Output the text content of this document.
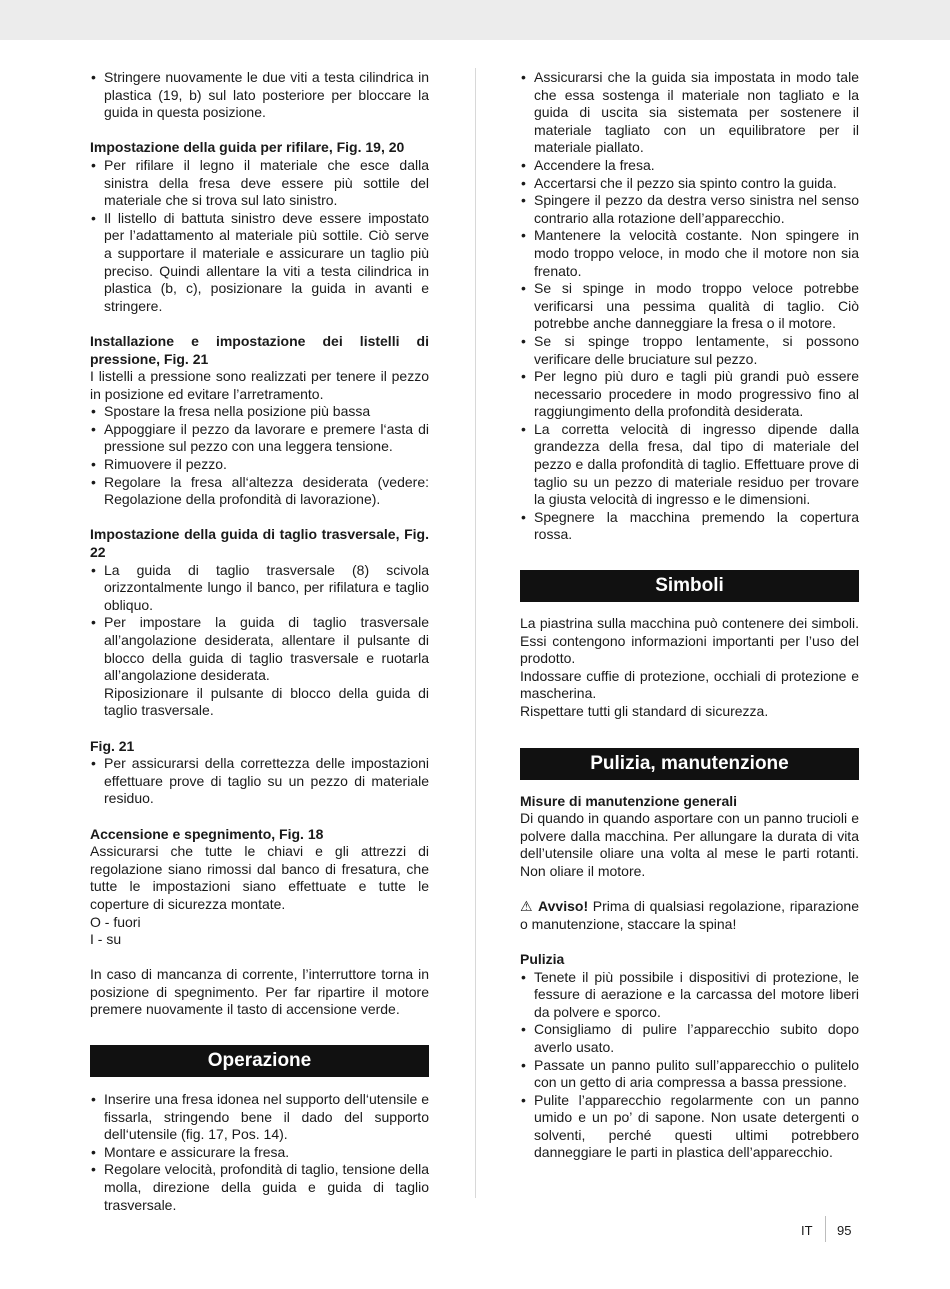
• Stringere nuovamente le due viti a testa cilindrica in plastica (19, b) sul lato posteriore per bloccare la guida in questa posizione.
Impostazione della guida per rifilare, Fig. 19, 20
• Per rifilare il legno il materiale che esce dalla sinistra della fresa deve essere più sottile del materiale che si trova sul lato sinistro.
• Il listello di battuta sinistro deve essere impostato per l’adattamento al materiale più sottile. Ciò serve a supportare il materiale e assicurare un taglio più preciso. Quindi allentare la viti a testa cilindrica in plastica (b, c), posizionare la guida in avanti e stringere.
Installazione e impostazione dei listelli di pressione, Fig. 21

I listelli a pressione sono realizzati per tenere il pezzo in posizione ed evitare l’arretramento.

• Spostare la fresa nella posizione più bassa
• Appoggiare il pezzo da lavorare e premere l‘asta di pressione sul pezzo con una leggera tensione.
• Rimuovere il pezzo.
• Regolare la fresa all‘altezza desiderata (vedere: Regolazione della profondità di lavorazione).
Impostazione della guida di taglio trasversale, Fig. 22
• La guida di taglio trasversale (8) scivola orizzontalmente lungo il banco, per rifilatura e taglio obliquo.
• Per impostare la guida di taglio trasversale all’angolazione desiderata, allentare il pulsante di blocco della guida di taglio trasversale e ruotarla all’angolazione desiderata.
Riposizionare il pulsante di blocco della guida di taglio trasversale.
Fig. 21
• Per assicurarsi della correttezza delle impostazioni effettuare prove di taglio su un pezzo di materiale residuo.
Accensione e spegnimento, Fig. 18

Assicurarsi che tutte le chiavi e gli attrezzi di regolazione siano rimossi dal banco di fresatura, che tutte le impostazioni siano effettuate e tutte le coperture di sicurezza montate.

O - fuori

I - su

In caso di mancanza di corrente, l’interruttore torna in posizione di spegnimento. Per far ripartire il motore premere nuovamente il tasto di accensione verde.

Operazione
• Inserire una fresa idonea nel supporto dell‘utensile e fissarla, stringendo bene il dado del supporto dell‘utensile (fig. 17, Pos. 14).
• Montare e assicurare la fresa.
• Regolare velocità, profondità di taglio, tensione della molla, direzione della guida e guida di taglio trasversale.
• Assicurarsi che la guida sia impostata in modo tale che essa sostenga il materiale non tagliato e la guida di uscita sia sistemata per sostenere il materiale tagliato con un equilibratore per il materiale piallato.
• Accendere la fresa.
• Accertarsi che il pezzo sia spinto contro la guida.
• Spingere il pezzo da destra verso sinistra nel senso contrario alla rotazione dell’apparecchio.
• Mantenere la velocità costante. Non spingere in modo troppo veloce, in modo che il motore non sia frenato.
• Se si spinge in modo troppo veloce potrebbe verificarsi una pessima qualità di taglio. Ciò potrebbe anche danneggiare la fresa o il motore.
• Se si spinge troppo lentamente, si possono verificare delle bruciature sul pezzo.
• Per legno più duro e tagli più grandi può essere necessario procedere in modo progressivo fino al raggiungimento della profondità desiderata.
• La corretta velocità di ingresso dipende dalla grandezza della fresa, dal tipo di materiale del pezzo e dalla profondità di taglio. Effettuare prove di taglio su un pezzo di materiale residuo per trovare la giusta velocità di ingresso e le dimensioni.
• Spegnere la macchina premendo la copertura rossa.
Simboli

La piastrina sulla macchina può contenere dei simboli. Essi contengono informazioni importanti per l’uso del prodotto.

Indossare cuffie di protezione, occhiali di protezione e mascherina.

Rispettare tutti gli standard di sicurezza.

Pulizia, manutenzione
Misure di manutenzione generali

Di quando in quando asportare con un panno trucioli e polvere dalla macchina. Per allungare la durata di vita dell’utensile oliare una volta al mese le parti rotanti. Non oliare il motore.

⚠ Avviso! Prima di qualsiasi regolazione, riparazione o manutenzione, staccare la spina!

Pulizia
• Tenete il più possibile i dispositivi di protezione, le fessure di aerazione e la carcassa del motore liberi da polvere e sporco.
• Consigliamo di pulire l’apparecchio subito dopo averlo usato.
• Passate un panno pulito sull’apparecchio o pulitelo con un getto di aria compressa a bassa pressione.
• Pulite l’apparecchio regolarmente con un panno umido e un po’ di sapone. Non usate detergenti o solventi, perché questi ultimi potrebbero danneggiare le parti in plastica dell’apparecchio.
IT 95
